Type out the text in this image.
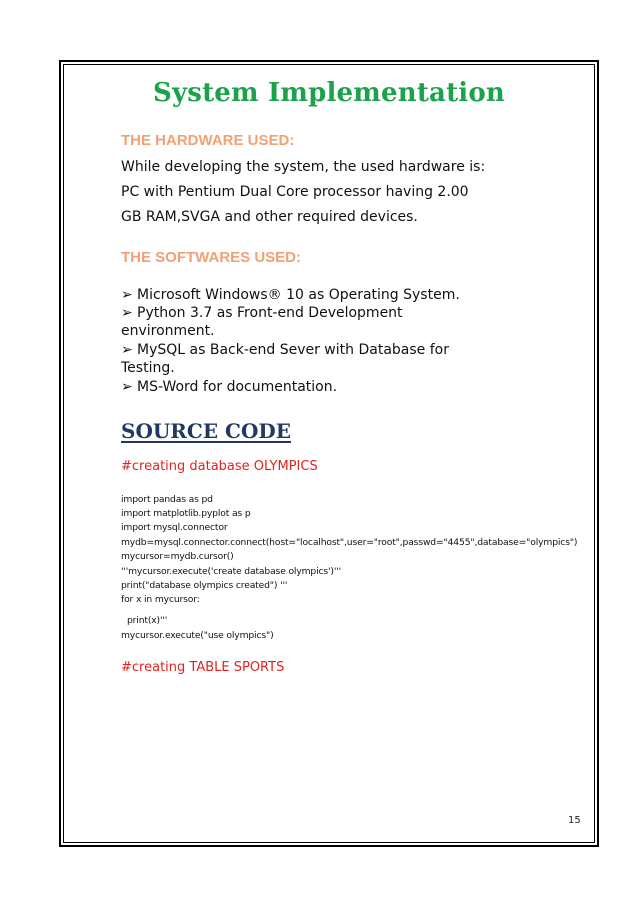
System Implementation
THE HARDWARE USED:
While developing the system, the used hardware is:
PC with Pentium Dual Core processor having 2.00
GB RAM,SVGA and other required devices.
THE SOFTWARES USED:
➢ Microsoft Windows® 10 as Operating System.
➢ Python 3.7 as Front-end Development
environment.
➢ MySQL as Back-end Sever with Database for
Testing.
➢ MS-Word for documentation.
SOURCE CODE
#creating database OLYMPICS
import pandas as pd
import matplotlib.pyplot as p
import mysql.connector
mydb=mysql.connector.connect(host="localhost",user="root",passwd="4455",database="olympics")
mycursor=mydb.cursor()
'''mycursor.execute('create database olympics')'''
print("database olympics created") '''
for x in mycursor:
print(x)'''
mycursor.execute("use olympics")
#creating TABLE SPORTS
15
